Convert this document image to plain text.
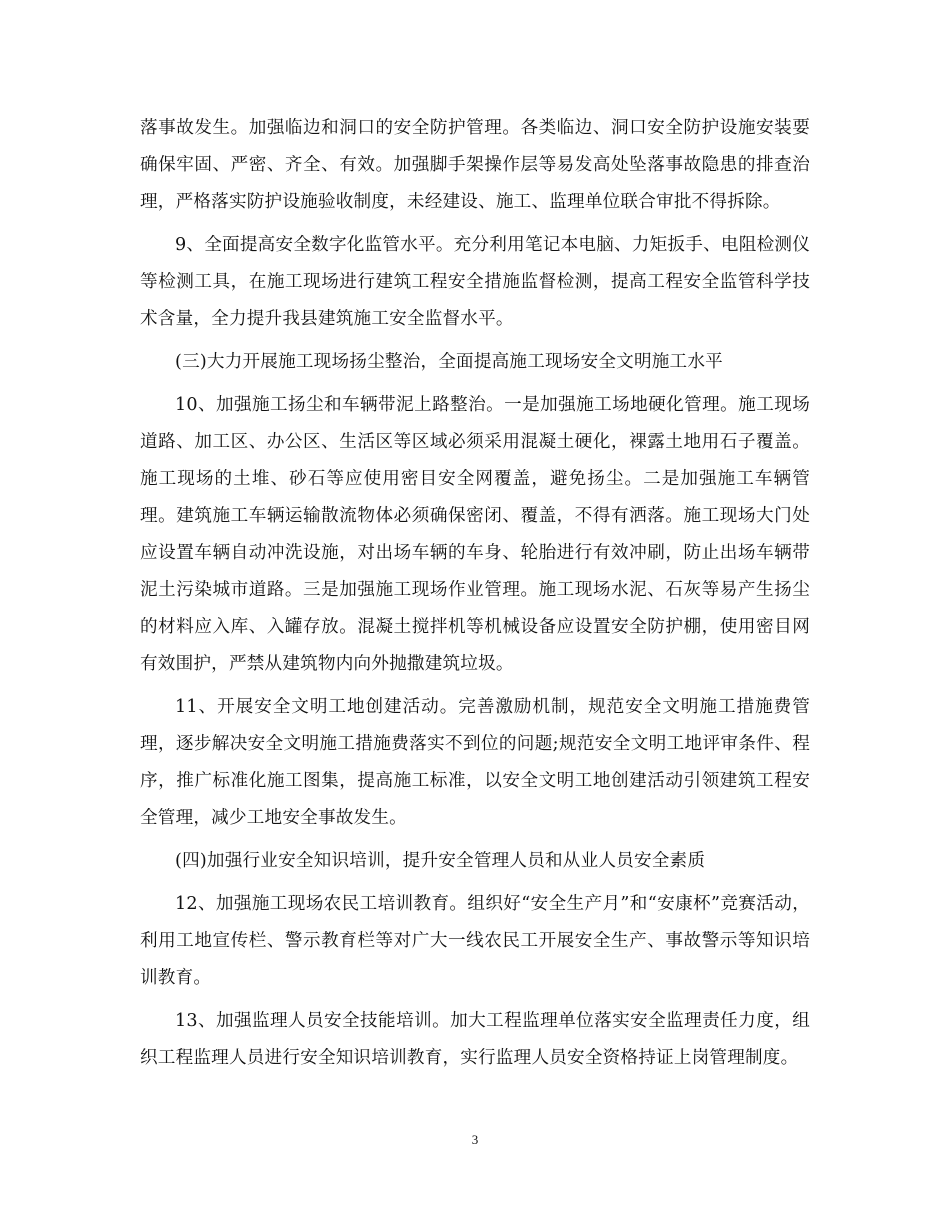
落事故发生。加强临边和洞口的安全防护管理。各类临边、洞口安全防护设施安装要确保牢固、严密、齐全、有效。加强脚手架操作层等易发高处坠落事故隐患的排查治理，严格落实防护设施验收制度，未经建设、施工、监理单位联合审批不得拆除。

9、全面提高安全数字化监管水平。充分利用笔记本电脑、力矩扳手、电阻检测仪等检测工具，在施工现场进行建筑工程安全措施监督检测，提高工程安全监管科学技术含量，全力提升我县建筑施工安全监督水平。

(三)大力开展施工现场扬尘整治，全面提高施工现场安全文明施工水平

10、加强施工扬尘和车辆带泥上路整治。一是加强施工场地硬化管理。施工现场道路、加工区、办公区、生活区等区域必须采用混凝土硬化，裸露土地用石子覆盖。施工现场的土堆、砂石等应使用密目安全网覆盖，避免扬尘。二是加强施工车辆管理。建筑施工车辆运输散流物体必须确保密闭、覆盖，不得有洒落。施工现场大门处应设置车辆自动冲洗设施，对出场车辆的车身、轮胎进行有效冲刷，防止出场车辆带泥土污染城市道路。三是加强施工现场作业管理。施工现场水泥、石灰等易产生扬尘的材料应入库、入罐存放。混凝土搅拌机等机械设备应设置安全防护棚，使用密目网有效围护，严禁从建筑物内向外抛撒建筑垃圾。

11、开展安全文明工地创建活动。完善激励机制，规范安全文明施工措施费管理，逐步解决安全文明施工措施费落实不到位的问题;规范安全文明工地评审条件、程序，推广标准化施工图集，提高施工标准，以安全文明工地创建活动引领建筑工程安全管理，减少工地安全事故发生。

(四)加强行业安全知识培训，提升安全管理人员和从业人员安全素质

12、加强施工现场农民工培训教育。组织好“安全生产月”和“安康杯”竞赛活动，利用工地宣传栏、警示教育栏等对广大一线农民工开展安全生产、事故警示等知识培训教育。

13、加强监理人员安全技能培训。加大工程监理单位落实安全监理责任力度，组织工程监理人员进行安全知识培训教育，实行监理人员安全资格持证上岗管理制度。

3
